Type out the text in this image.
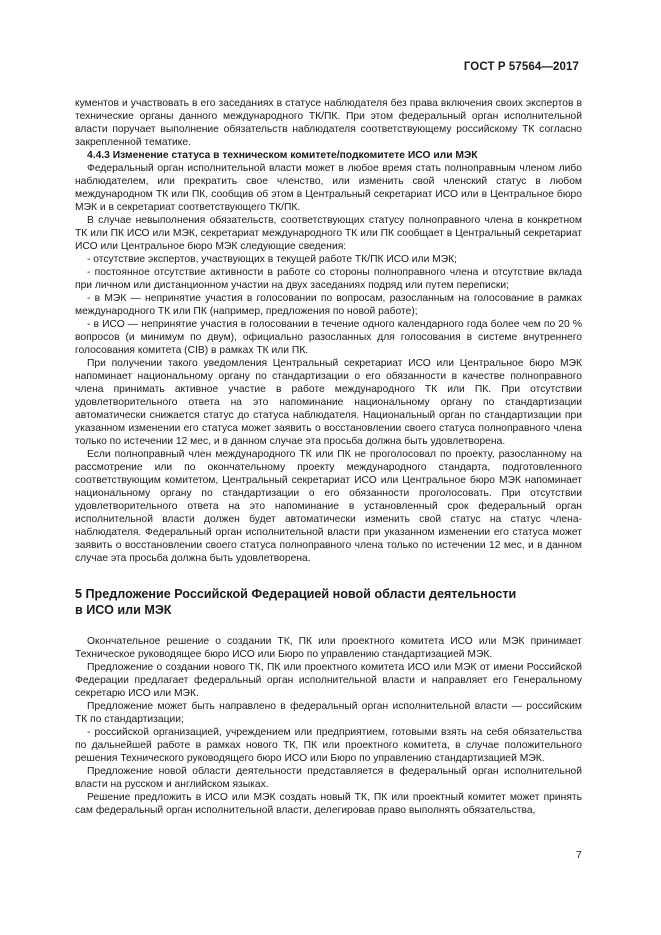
ГОСТ Р 57564—2017

кументов и участвовать в его заседаниях в статусе наблюдателя без права включения своих экспертов в технические органы данного международного ТК/ПК. При этом федеральный орган исполнительной власти поручает выполнение обязательств наблюдателя соответствующему российскому ТК согласно закрепленной тематике.

4.4.3 Изменение статуса в техническом комитете/подкомитете ИСО или МЭК

Федеральный орган исполнительной власти может в любое время стать полноправным членом либо наблюдателем, или прекратить свое членство, или изменить свой членский статус в любом международном ТК или ПК, сообщив об этом в Центральный секретариат ИСО или в Центральное бюро МЭК и в секретариат соответствующего ТК/ПК.

В случае невыполнения обязательств, соответствующих статусу полноправного члена в конкретном ТК или ПК ИСО или МЭК, секретариат международного ТК или ПК сообщает в Центральный секретариат ИСО или Центральное бюро МЭК следующие сведения:

- отсутствие экспертов, участвующих в текущей работе ТК/ПК ИСО или МЭК;

- постоянное отсутствие активности в работе со стороны полноправного члена и отсутствие вклада при личном или дистанционном участии на двух заседаниях подряд или путем переписки;

- в МЭК — непринятие участия в голосовании по вопросам, разосланным на голосование в рамках международного ТК или ПК (например, предложения по новой работе);

- в ИСО — непринятие участия в голосовании в течение одного календарного года более чем по 20 % вопросов (и минимум по двум), официально разосланных для голосования в системе внутреннего голосования комитета (CIB) в рамках ТК или ПК.

При получении такого уведомления Центральный секретариат ИСО или Центральное бюро МЭК напоминает национальному органу по стандартизации о его обязанности в качестве полноправного члена принимать активное участие в работе международного ТК или ПК. При отсутствии удовлетворительного ответа на это напоминание национальному органу по стандартизации автоматически снижается статус до статуса наблюдателя. Национальный орган по стандартизации при указанном изменении его статуса может заявить о восстановлении своего статуса полноправного члена только по истечении 12 мес, и в данном случае эта просьба должна быть удовлетворена.

Если полноправный член международного ТК или ПК не проголосовал по проекту, разосланному на рассмотрение или по окончательному проекту международного стандарта, подготовленного соответствующим комитетом, Центральный секретариат ИСО или Центральное бюро МЭК напоминает национальному органу по стандартизации о его обязанности проголосовать. При отсутствии удовлетворительного ответа на это напоминание в установленный срок федеральный орган исполнительной власти должен будет автоматически изменить свой статус на статус члена-наблюдателя. Федеральный орган исполнительной власти при указанном изменении его статуса может заявить о восстановлении своего статуса полноправного члена только по истечении 12 мес, и в данном случае эта просьба должна быть удовлетворена.

5 Предложение Российской Федерацией новой области деятельности
в ИСО или МЭК

Окончательное решение о создании ТК, ПК или проектного комитета ИСО или МЭК принимает Техническое руководящее бюро ИСО или Бюро по управлению стандартизацией МЭК.

Предложение о создании нового ТК, ПК или проектного комитета ИСО или МЭК от имени Российской Федерации предлагает федеральный орган исполнительной власти и направляет его Генеральному секретарю ИСО или МЭК.

Предложение может быть направлено в федеральный орган исполнительной власти — российским ТК по стандартизации;

- российской организацией, учреждением или предприятием, готовыми взять на себя обязательства по дальнейшей работе в рамках нового ТК, ПК или проектного комитета, в случае положительного решения Технического руководящего бюро ИСО или Бюро по управлению стандартизацией МЭК.

Предложение новой области деятельности представляется в федеральный орган исполнительной власти на русском и английском языках.

Решение предложить в ИСО или МЭК создать новый ТК, ПК или проектный комитет может принять сам федеральный орган исполнительной власти, делегировав право выполнять обязательства,

7
